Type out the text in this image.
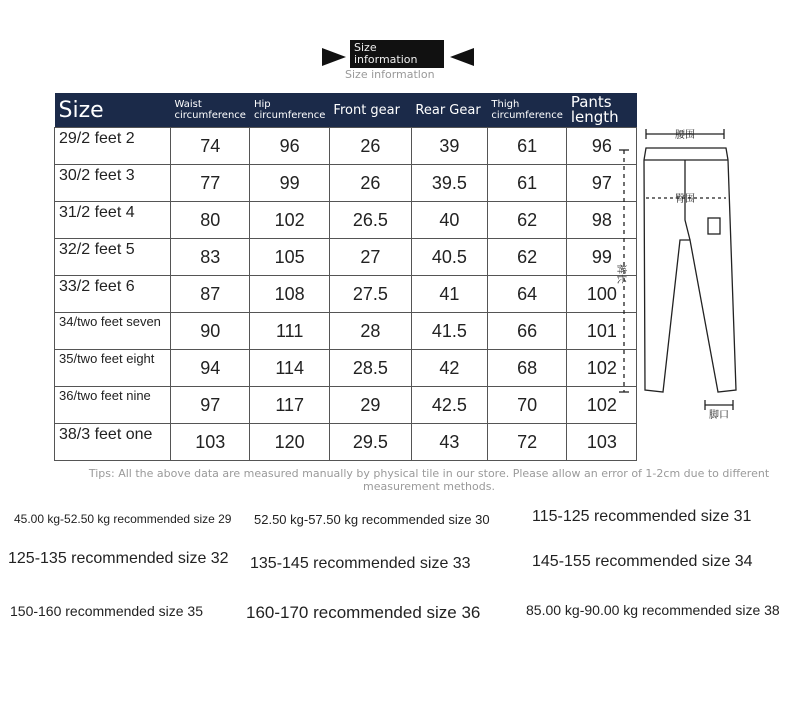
Size information
Size informatlon
Size	Waist circumference	Hip circumference	Front gear	Rear Gear	Thigh circumference	Pants length
29/2 feet 2	74	96	26	39	61	96
30/2 feet 3	77	99	26	39.5	61	97
31/2 feet 4	80	102	26.5	40	62	98
32/2 feet 5	83	105	27	40.5	62	99
33/2 feet 6	87	108	27.5	41	64	100
34/two feet seven	90	111	28	41.5	66	101
35/two feet eight	94	114	28.5	42	68	102
36/two feet nine	97	117	29	42.5	70	102
38/3 feet one	103	120	29.5	43	72	103
Tips: All the above data are measured manually by physical tile in our store. Please allow an error of 1-2cm due to different measurement methods.
45.00 kg-52.50 kg recommended size 29 52.50 kg-57.50 kg recommended size 30	115-125 recommended size 31
125-135 recommended size 32 135-145 recommended size 33	145-155 recommended size 34
150-160 recommended size 35	160-170 recommended size 36	85.00 kg-90.00 kg recommended size 38
腰围
臀围
裤长
脚口
